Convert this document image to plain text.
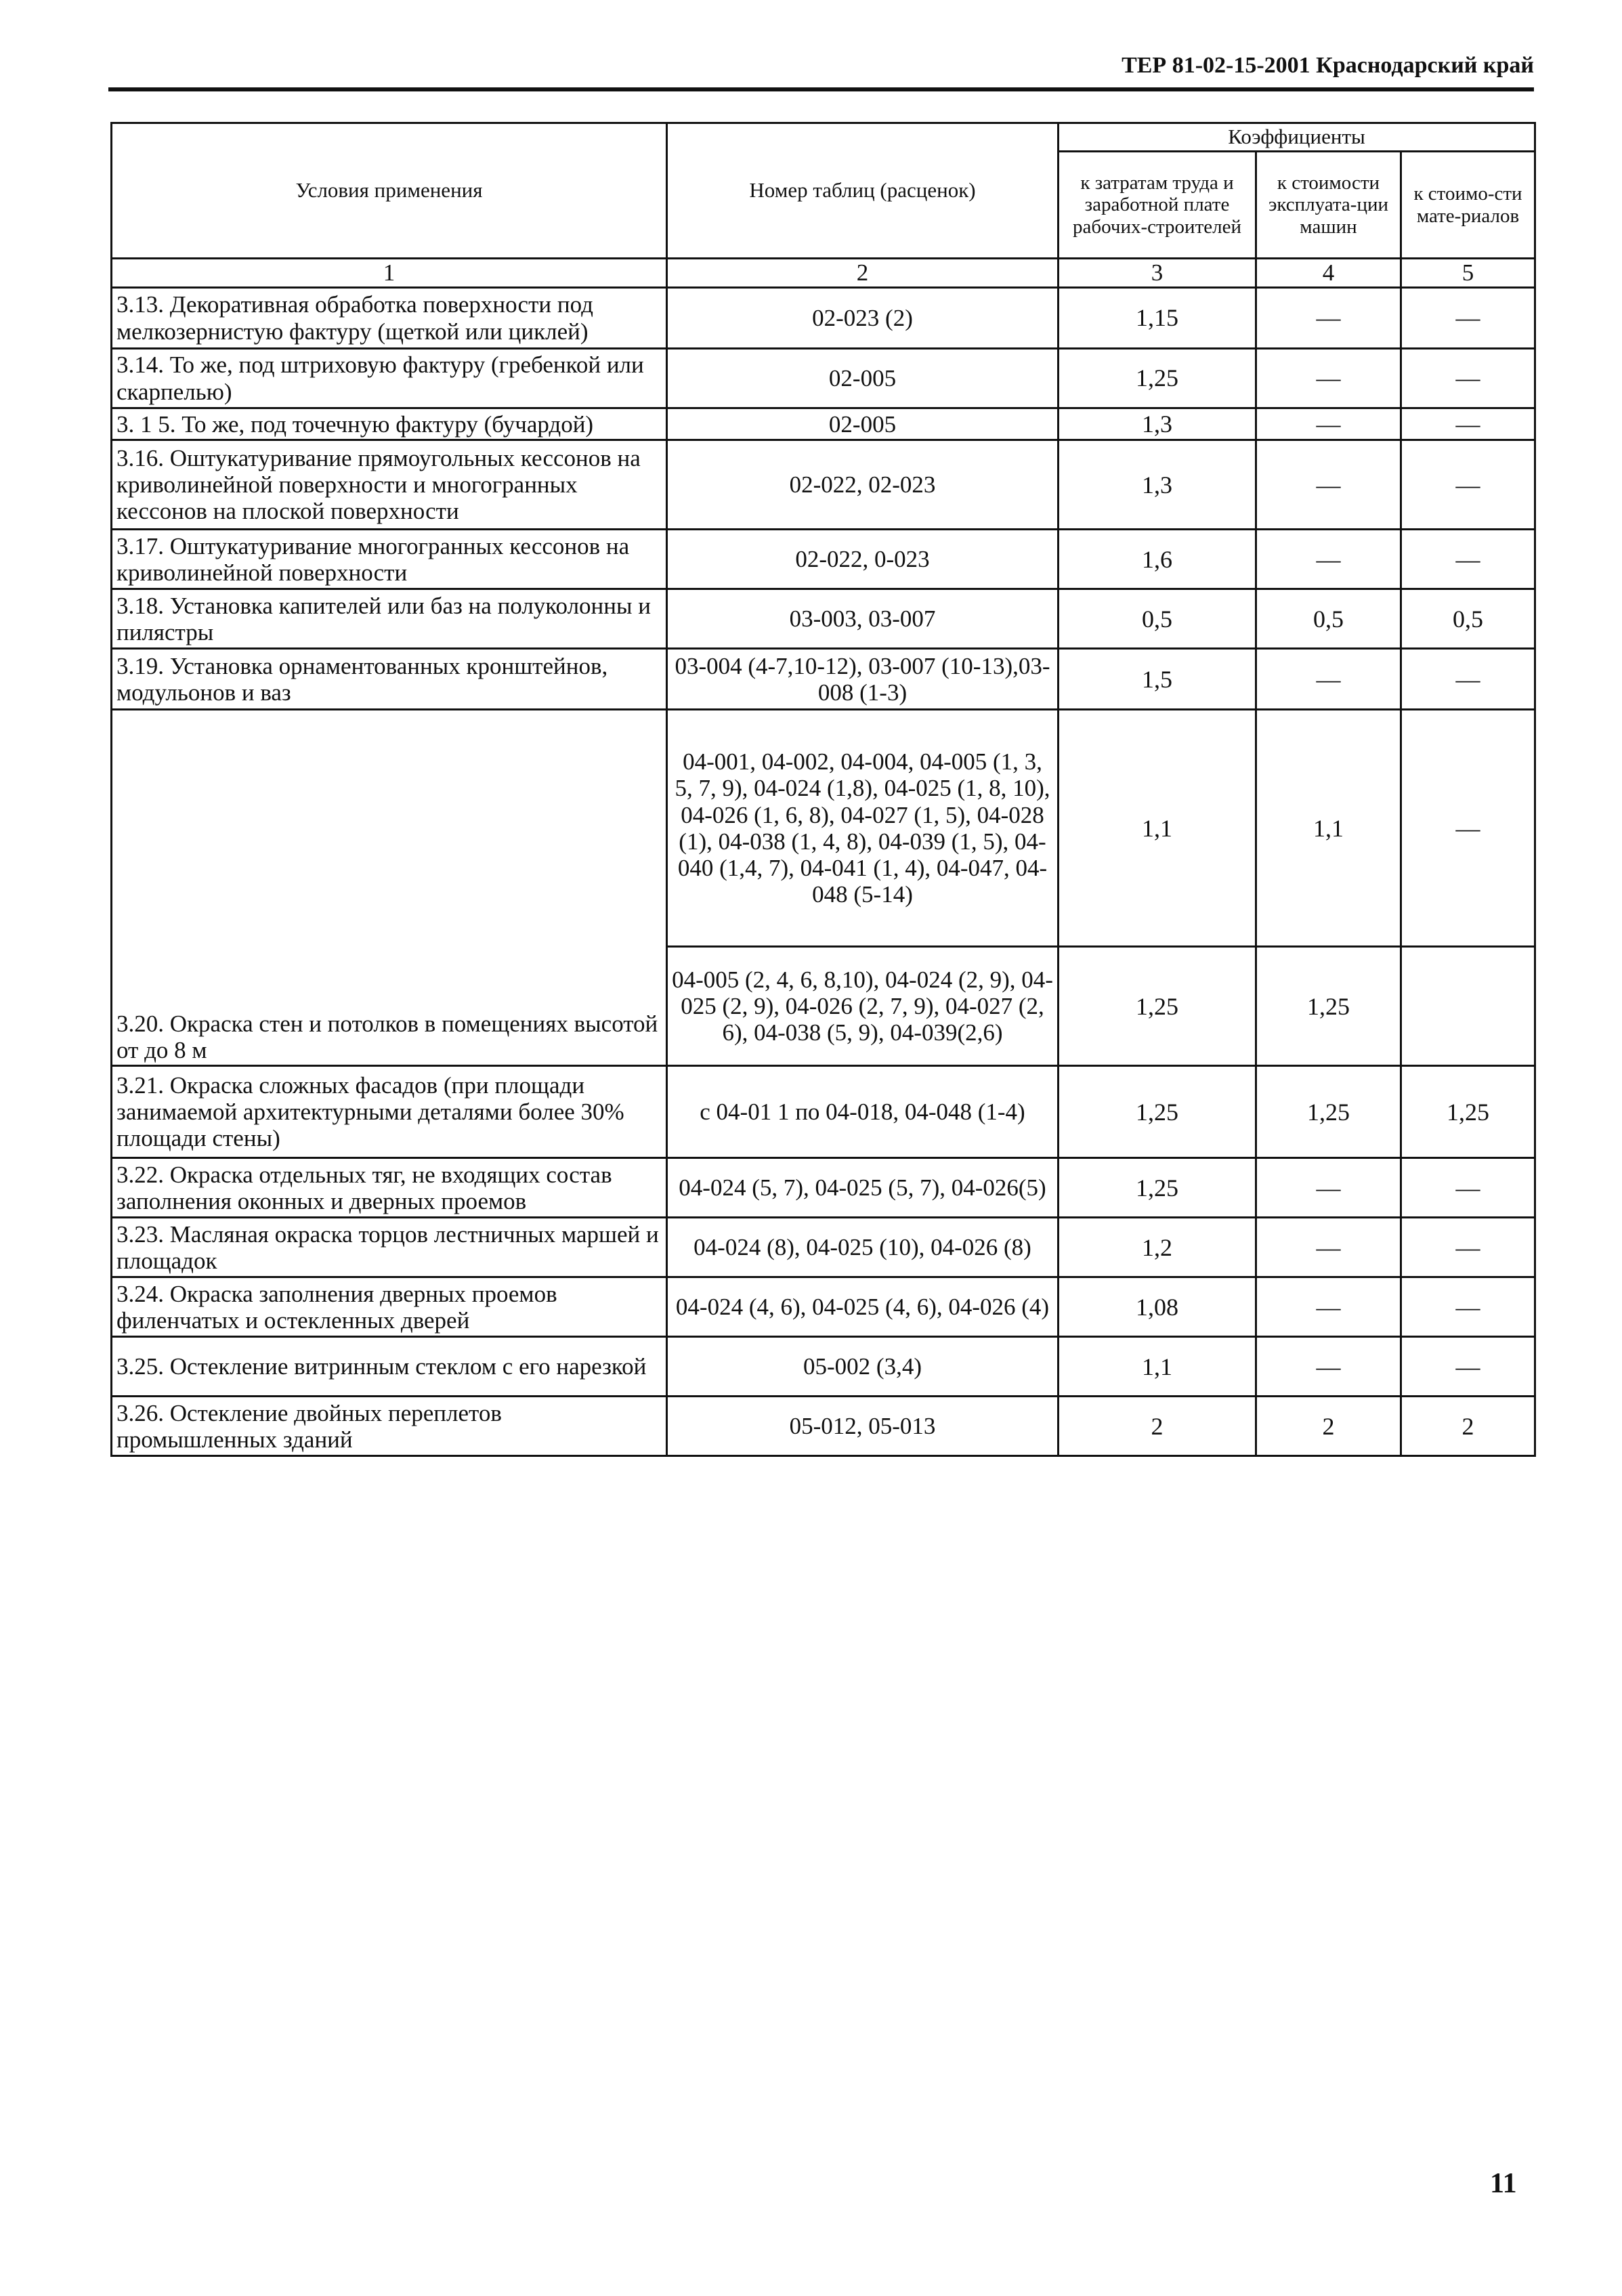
ТЕР 81-02-15-2001 Краснодарский край
Условия применения	Номер таблиц (расценок)	Коэффициенты		
		к затратам труда и заработной плате рабочих-строителей	к стоимости эксплуата-ции машин	к стоимо-сти мате-риалов
1	2	3	4	5
3.13. Декоративная обработка поверхности под мелкозернистую фактуру (щеткой или циклей)	02-023 (2)	1,15	—	—
3.14. То же, под штриховую фактуру (гребенкой или скарпелью)	02-005	1,25	—	—
3. 1 5. То же, под точечную фактуру (бучардой)	02-005	1,3	—	—
3.16. Оштукатуривание прямоугольных кессонов на криволинейной поверхности и многогранных кессонов на плоской поверхности	02-022, 02-023	1,3	—	—
3.17. Оштукатуривание многогранных кессонов на криволинейной поверхности	02-022, 0-023	1,6	—	—
3.18. Установка капителей или баз на полуколонны и пилястры	03-003, 03-007	0,5	0,5	0,5
3.19. Установка орнаментованных кронштейнов, модульонов и ваз	03-004 (4-7,10-12), 03-007 (10-13),03-008 (1-3)	1,5	—	—
3.20. Окраска стен и потолков в помещениях высотой от до 8 м	04-001, 04-002, 04-004, 04-005 (1, 3, 5, 7, 9), 04-024 (1,8), 04-025 (1, 8, 10), 04-026 (1, 6, 8), 04-027 (1, 5), 04-028 (1), 04-038 (1, 4, 8), 04-039 (1, 5), 04-040 (1,4, 7), 04-041 (1, 4), 04-047, 04-048 (5-14)	1,1	1,1	—
	04-005 (2, 4, 6, 8,10), 04-024 (2, 9), 04-025 (2, 9), 04-026 (2, 7, 9), 04-027 (2, 6), 04-038 (5, 9), 04-039(2,6)	1,25	1,25	
3.21. Окраска сложных фасадов (при площади занимаемой архитектурными деталями более 30% площади стены)	с 04-01 1 по 04-018, 04-048 (1-4)	1,25	1,25	1,25
3.22. Окраска отдельных тяг, не входящих состав заполнения оконных и дверных проемов	04-024 (5, 7), 04-025 (5, 7), 04-026(5)	1,25	—	—
3.23. Масляная окраска торцов лестничных маршей и площадок	04-024 (8), 04-025 (10), 04-026 (8)	1,2	—	—
3.24. Окраска заполнения дверных проемов филенчатых и остекленных дверей	04-024 (4, 6), 04-025 (4, 6), 04-026 (4)	1,08	—	—
3.25. Остекление витринным стеклом с его нарезкой	05-002 (3,4)	1,1	—	—
3.26. Остекление двойных переплетов промышленных зданий	05-012, 05-013	2	2	2
11
